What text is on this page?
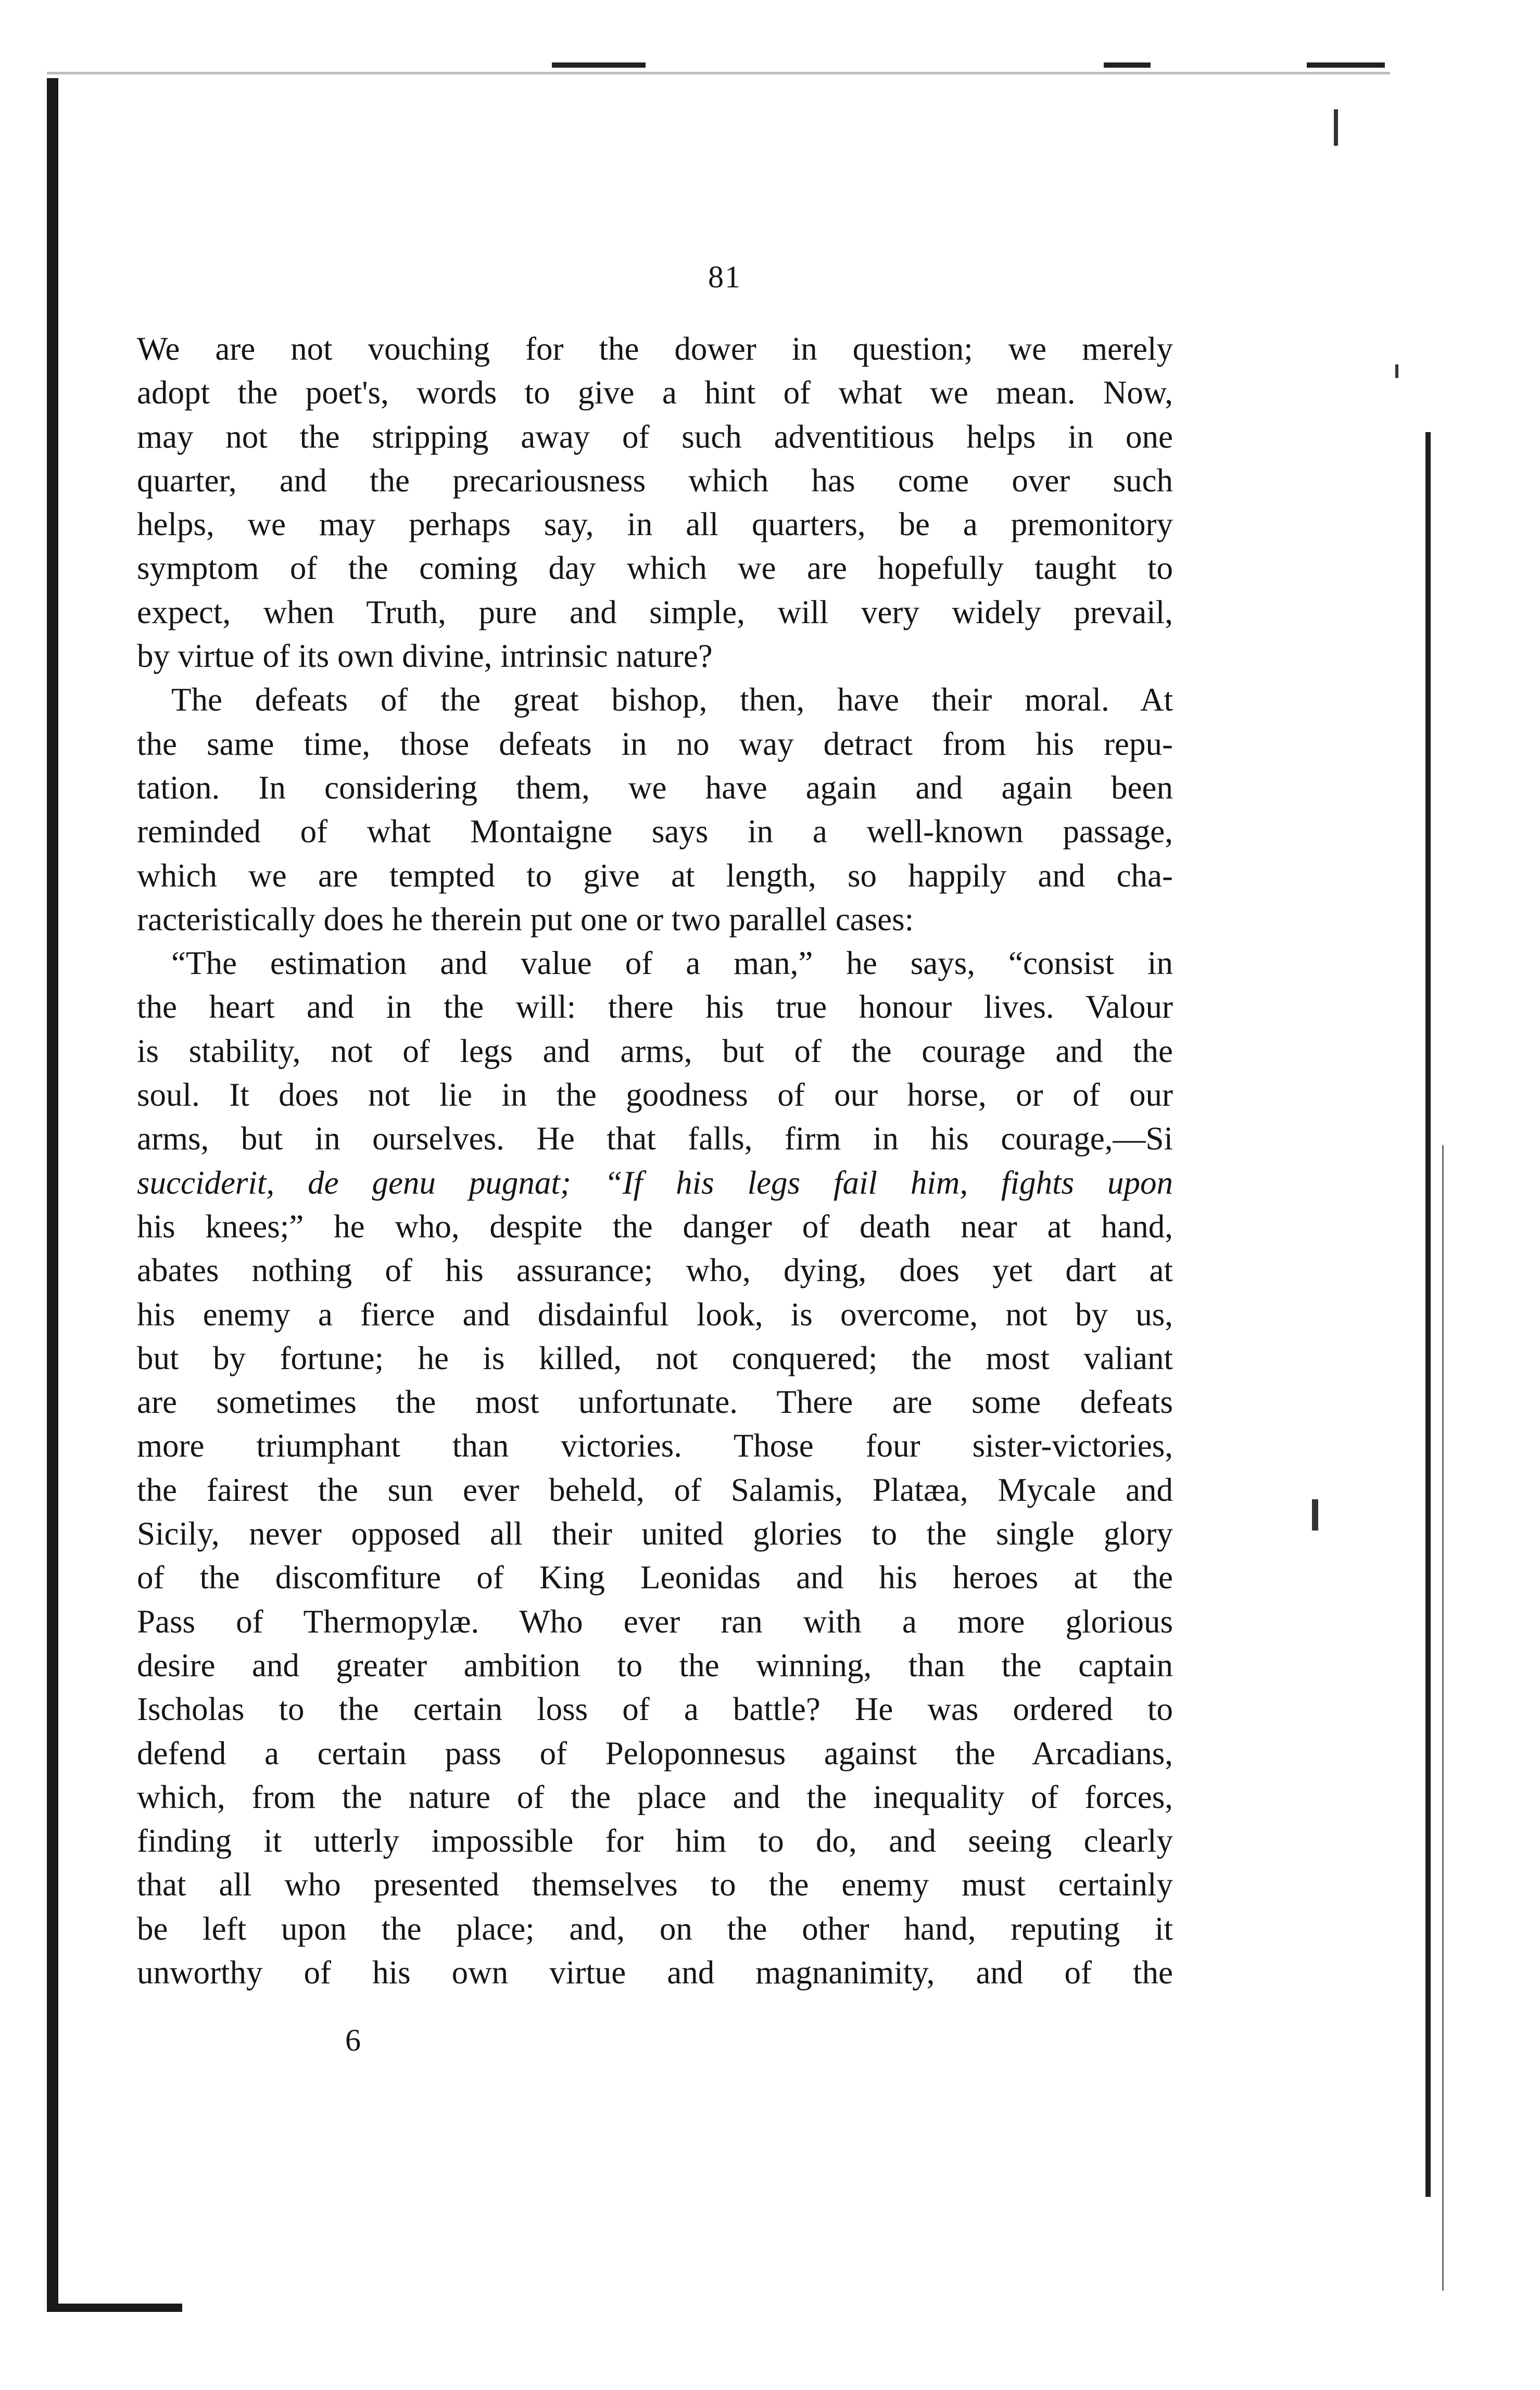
81
We are not vouching for the dower in question; we merely
adopt the poet's, words to give a hint of what we mean. Now,
may not the stripping away of such adventitious helps in one
quarter, and the precariousness which has come over such
helps, we may perhaps say, in all quarters, be a premonitory
symptom of the coming day which we are hopefully taught to
expect, when Truth, pure and simple, will very widely prevail,
by virtue of its own divine, intrinsic nature?
The defeats of the great bishop, then, have their moral. At
the same time, those defeats in no way detract from his repu-
tation. In considering them, we have again and again been
reminded of what Montaigne says in a well-known passage,
which we are tempted to give at length, so happily and cha-
racteristically does he therein put one or two parallel cases:
“The estimation and value of a man,” he says, “consist in
the heart and in the will: there his true honour lives. Valour
is stability, not of legs and arms, but of the courage and the
soul. It does not lie in the goodness of our horse, or of our
arms, but in ourselves. He that falls, firm in his courage,—Si
succiderit, de genu pugnat; “If his legs fail him, fights upon
his knees;” he who, despite the danger of death near at hand,
abates nothing of his assurance; who, dying, does yet dart at
his enemy a fierce and disdainful look, is overcome, not by us,
but by fortune; he is killed, not conquered; the most valiant
are sometimes the most unfortunate. There are some defeats
more triumphant than victories. Those four sister-victories,
the fairest the sun ever beheld, of Salamis, Platæa, Mycale and
Sicily, never opposed all their united glories to the single glory
of the discomfiture of King Leonidas and his heroes at the
Pass of Thermopylæ. Who ever ran with a more glorious
desire and greater ambition to the winning, than the captain
Ischolas to the certain loss of a battle? He was ordered to
defend a certain pass of Peloponnesus against the Arcadians,
which, from the nature of the place and the inequality of forces,
finding it utterly impossible for him to do, and seeing clearly
that all who presented themselves to the enemy must certainly
be left upon the place; and, on the other hand, reputing it
unworthy of his own virtue and magnanimity, and of the
6
